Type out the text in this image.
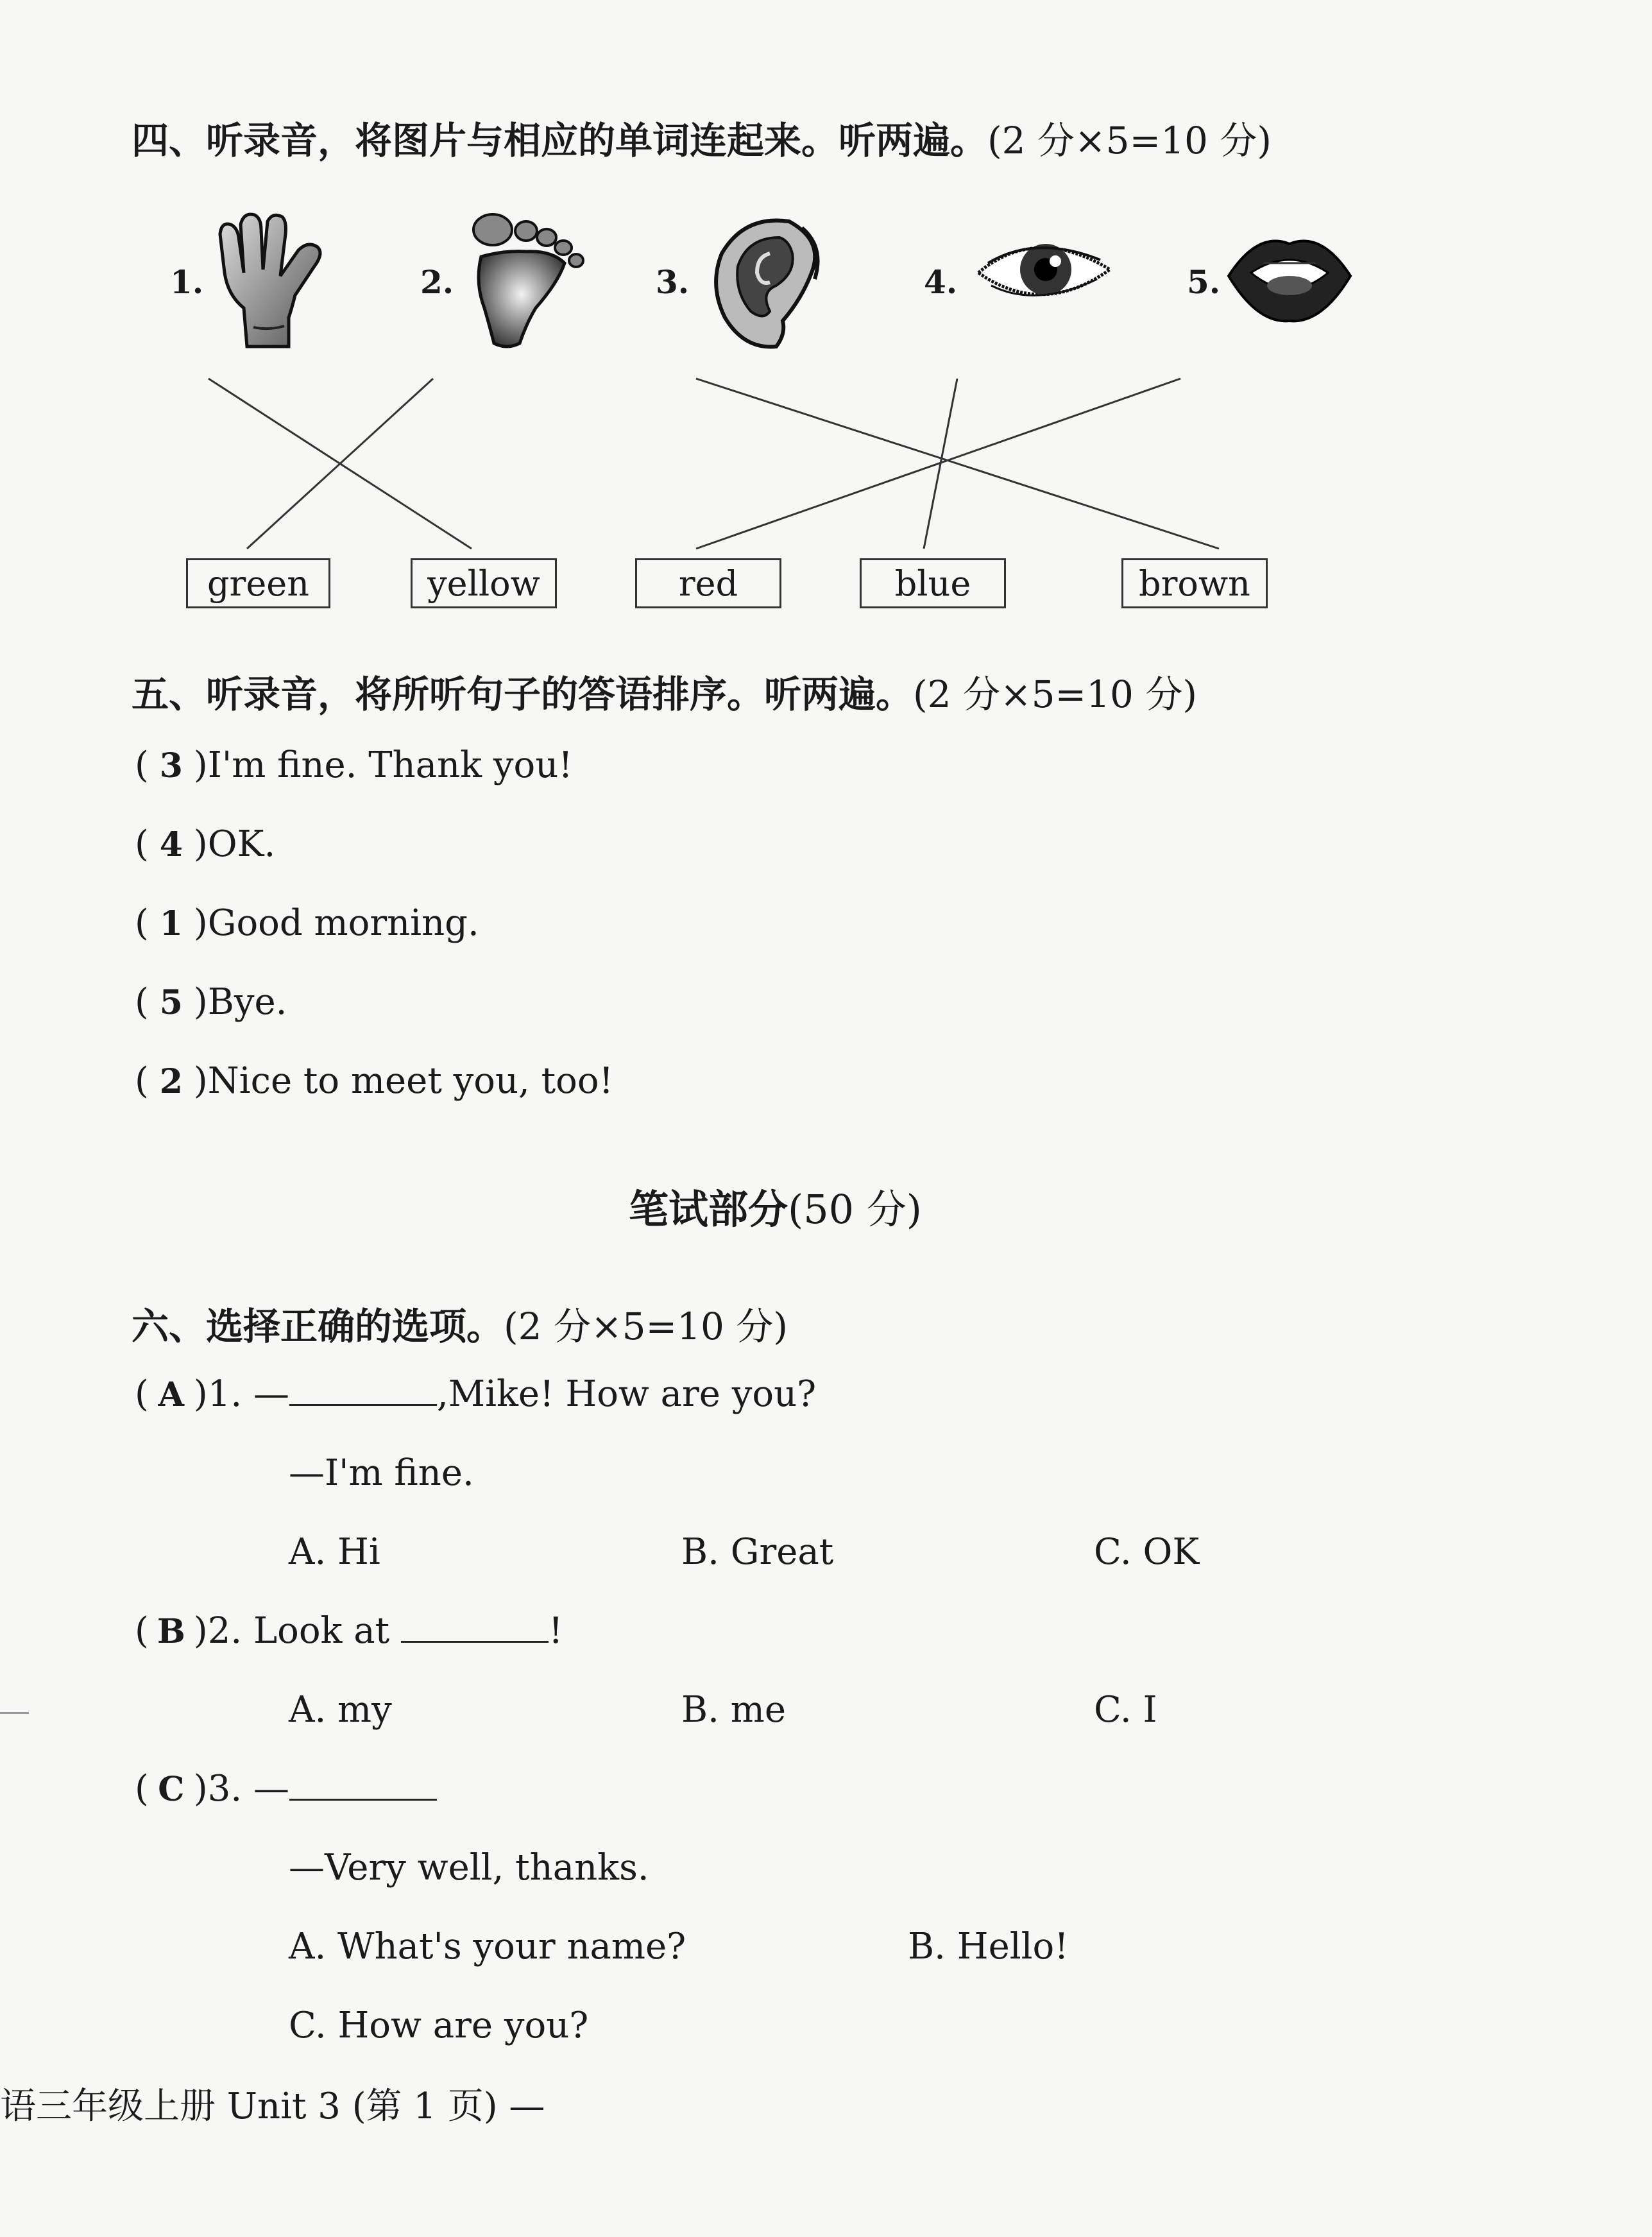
四、听录音，将图片与相应的单词连起来。听两遍。(2 分×5=10 分)
1.	2.	3.	4.	5.
green	yellow	red	blue	brown
五、听录音，将所听句子的答语排序。听两遍。(2 分×5=10 分)
( 3 )I'm fine. Thank you!
( 4 )OK.
( 1 )Good morning.
( 5 )Bye.
( 2 )Nice to meet you, too!
笔试部分(50 分)
六、选择正确的选项。(2 分×5=10 分)
( A )1. —	,Mike! How are you?
—I'm fine.
A. Hi	B. Great	C. OK
( B )2. Look at	!
A. my	B. me	C. I
( C )3. —
—Very well, thanks.
A. What's your name?	B. Hello!
C. How are you?
语三年级上册 Unit 3 (第 1 页) —
